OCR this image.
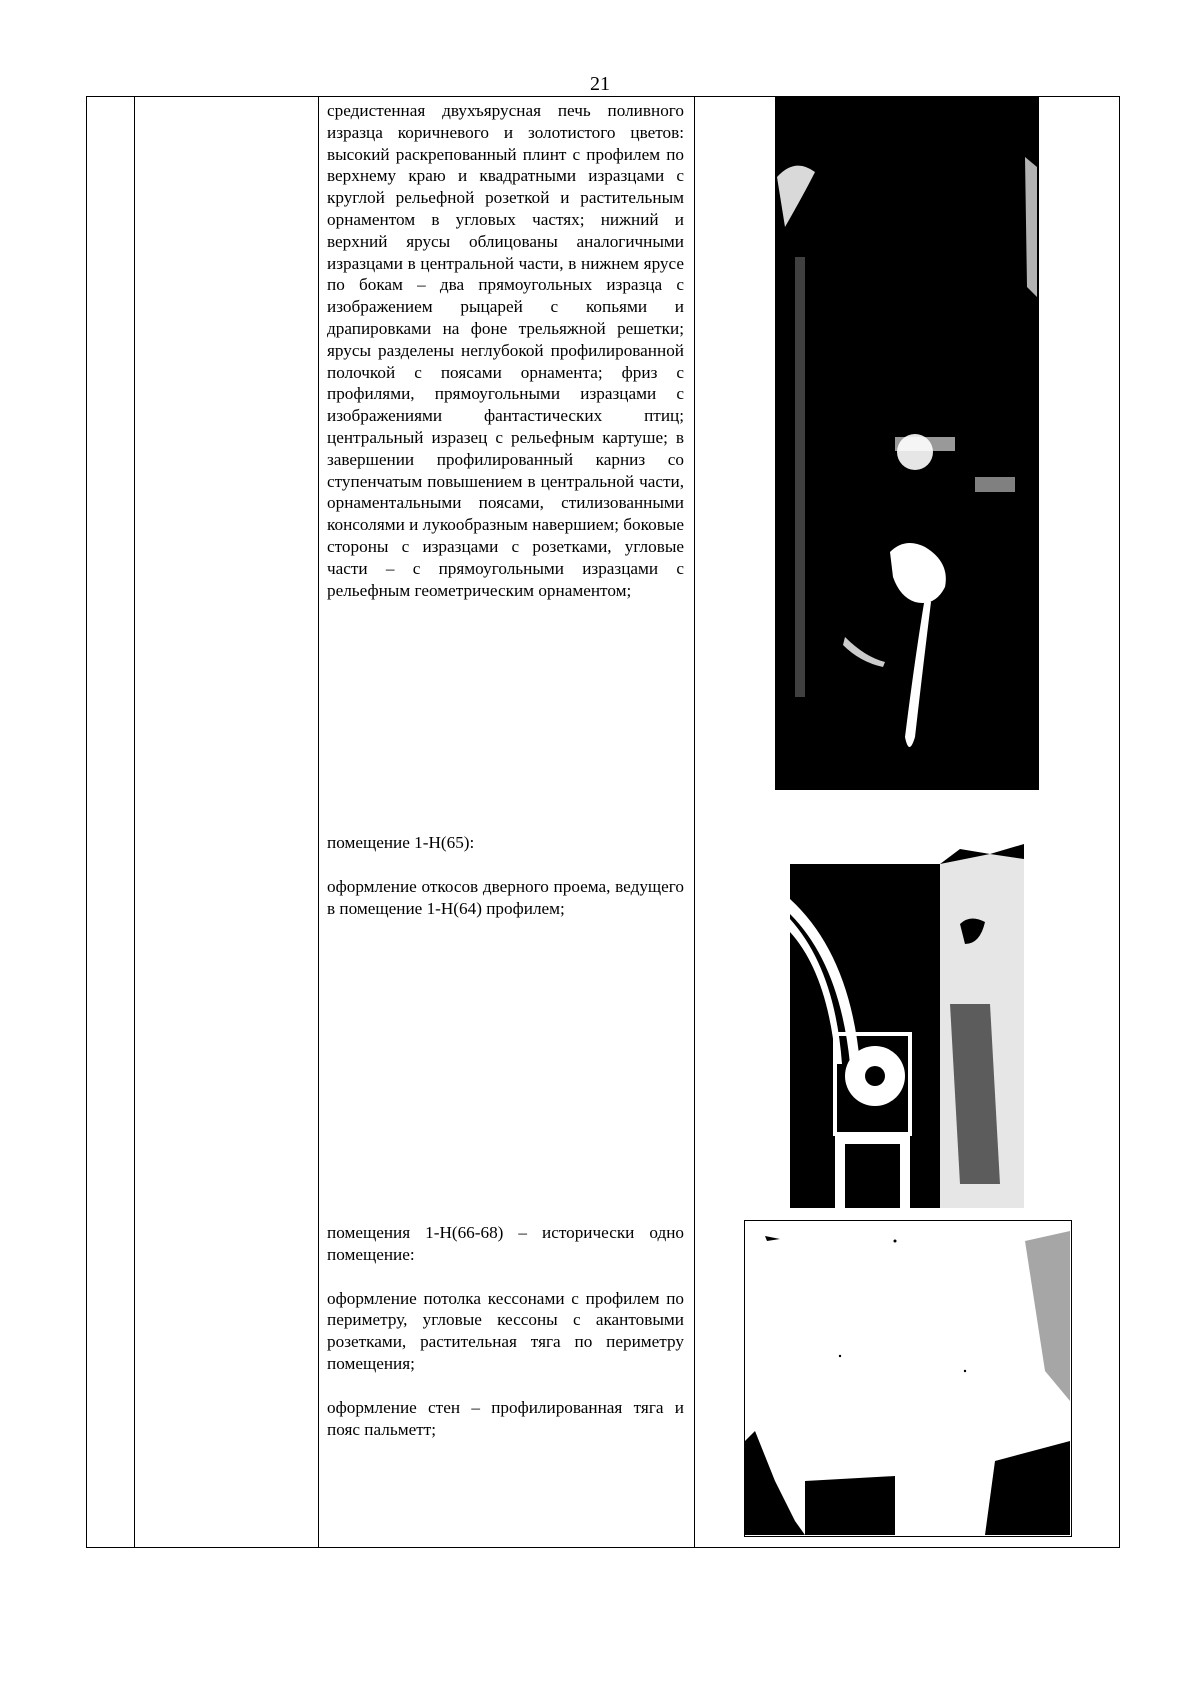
21

средистенная двухъярусная печь поливного изразца коричневого и золотистого цветов: высокий раскрепованный плинт с профилем по верхнему краю и квадратными изразцами с круглой рельефной розеткой и растительным орнаментом в угловых частях; нижний и верхний ярусы облицованы аналогичными изразцами в центральной части, в нижнем ярусе по бокам – два прямоугольных изразца с изображением рыцарей с копьями и драпировками на фоне трельяжной решетки; ярусы разделены неглубокой профилированной полочкой с поясами орнамента; фриз с профилями, прямоугольными изразцами с изображениями фантастических птиц; центральный изразец с рельефным картуше; в завершении профилированный карниз со ступенчатым повышением в центральной части, орнаментальными поясами, стилизованными консолями и лукообразным навершием; боковые стороны с изразцами с розетками, угловые части – с прямоугольными изразцами с рельефным геометрическим орнаментом;

помещение 1-Н(65):

оформление откосов дверного проема, ведущего в помещение 1-Н(64) профилем;

помещения 1-Н(66-68) – исторически одно помещение:

оформление потолка кессонами с профилем по периметру, угловые кессоны с акантовыми розетками, растительная тяга по периметру помещения;

оформление стен – профилированная тяга и пояс пальметт;
